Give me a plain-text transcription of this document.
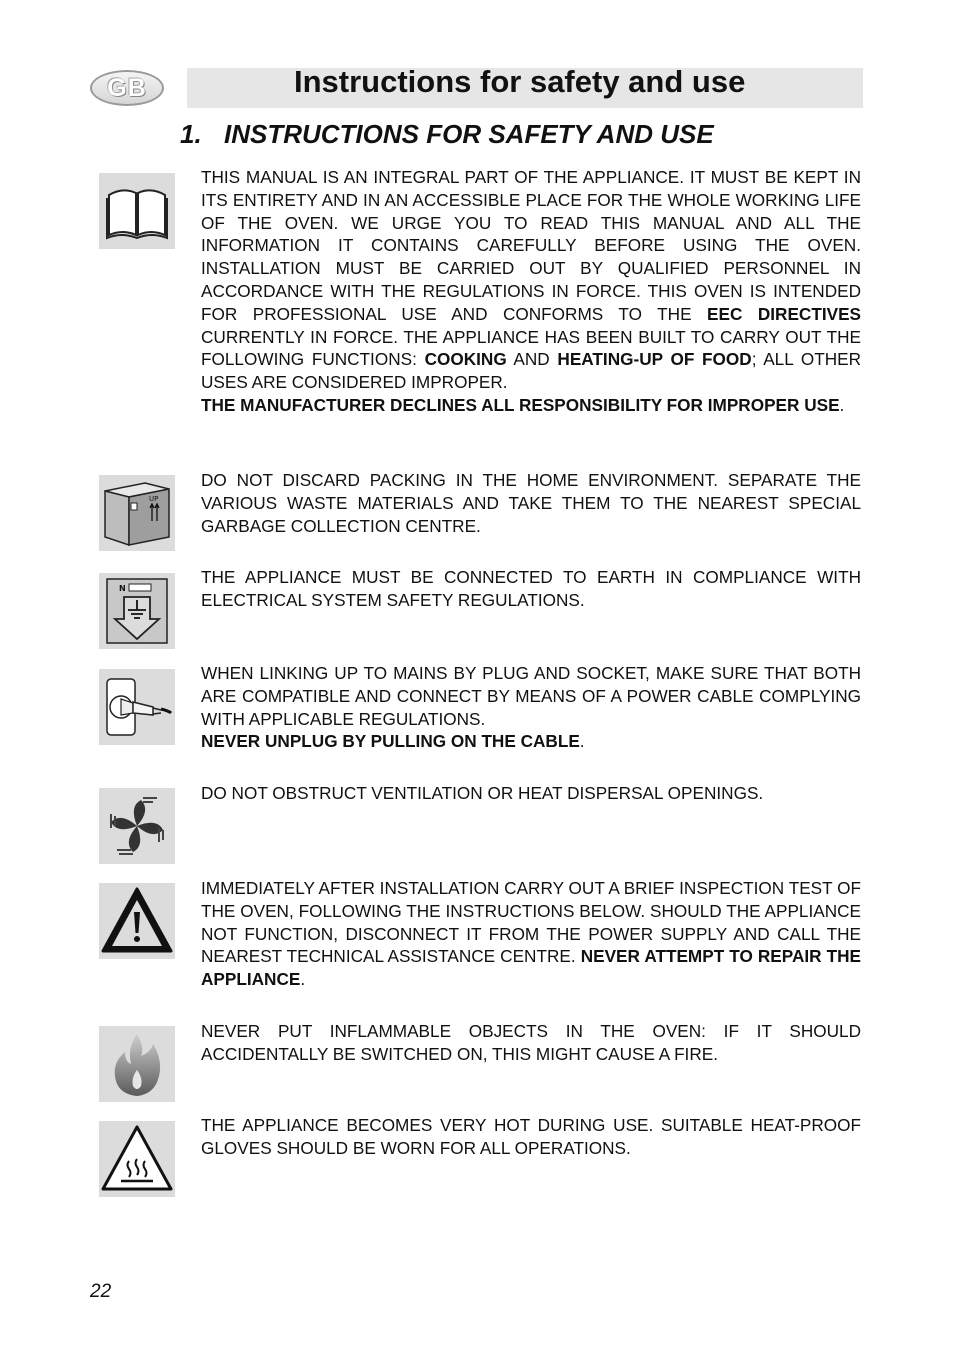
GB	Instructions for safety and use
1. INSTRUCTIONS FOR SAFETY AND USE

THIS MANUAL IS AN INTEGRAL PART OF THE APPLIANCE. IT MUST BE KEPT IN ITS ENTIRETY AND IN AN ACCESSIBLE PLACE FOR THE WHOLE WORKING LIFE OF THE OVEN. WE URGE YOU TO READ THIS MANUAL AND ALL THE INFORMATION IT CONTAINS CAREFULLY BEFORE USING THE OVEN. INSTALLATION MUST BE CARRIED OUT BY QUALIFIED PERSONNEL IN ACCORDANCE WITH THE REGULATIONS IN FORCE. THIS OVEN IS INTENDED FOR PROFESSIONAL USE AND CONFORMS TO THE EEC DIRECTIVES CURRENTLY IN FORCE. THE APPLIANCE HAS BEEN BUILT TO CARRY OUT THE FOLLOWING FUNCTIONS: COOKING AND HEATING-UP OF FOOD; ALL OTHER USES ARE CONSIDERED IMPROPER.

THE MANUFACTURER DECLINES ALL RESPONSIBILITY FOR IMPROPER USE.

UP
DO NOT DISCARD PACKING IN THE HOME ENVIRONMENT. SEPARATE THE VARIOUS WASTE MATERIALS AND TAKE THEM TO THE NEAREST SPECIAL GARBAGE COLLECTION CENTRE.
N
THE APPLIANCE MUST BE CONNECTED TO EARTH IN COMPLIANCE WITH ELECTRICAL SYSTEM SAFETY REGULATIONS.

WHEN LINKING UP TO MAINS BY PLUG AND SOCKET, MAKE SURE THAT BOTH ARE COMPATIBLE AND CONNECT BY MEANS OF A POWER CABLE COMPLYING WITH APPLICABLE REGULATIONS.

NEVER UNPLUG BY PULLING ON THE CABLE.

DO NOT OBSTRUCT VENTILATION OR HEAT DISPERSAL OPENINGS.

IMMEDIATELY AFTER INSTALLATION CARRY OUT A BRIEF INSPECTION TEST OF THE OVEN, FOLLOWING THE INSTRUCTIONS BELOW. SHOULD THE APPLIANCE NOT FUNCTION, DISCONNECT IT FROM THE POWER SUPPLY AND CALL THE NEAREST TECHNICAL ASSISTANCE CENTRE. NEVER ATTEMPT TO REPAIR THE APPLIANCE.

NEVER PUT INFLAMMABLE OBJECTS IN THE OVEN: IF IT SHOULD ACCIDENTALLY BE SWITCHED ON, THIS MIGHT CAUSE A FIRE.
THE APPLIANCE BECOMES VERY HOT DURING USE. SUITABLE HEAT-PROOF GLOVES SHOULD BE WORN FOR ALL OPERATIONS.
22
